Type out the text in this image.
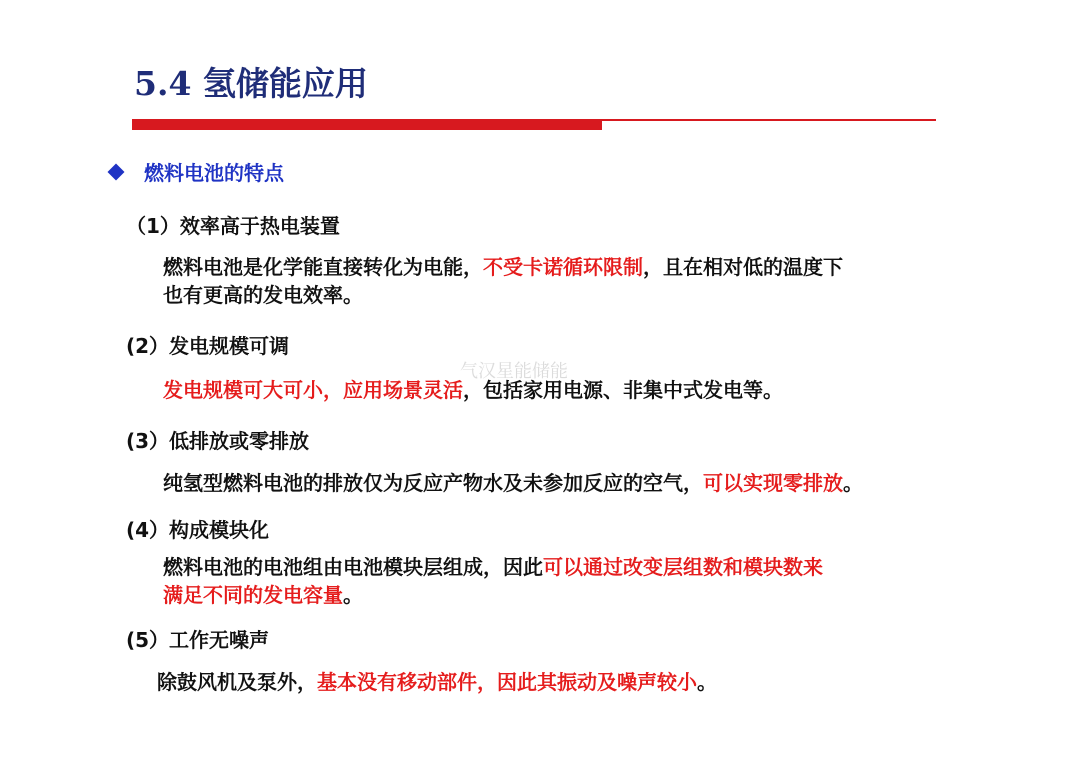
5.4 氢储能应用
燃料电池的特点
（1）效率高于热电装置
燃料电池是化学能直接转化为电能，不受卡诺循环限制，且在相对低的温度下
也有更高的发电效率。
(2）发电规模可调
发电规模可大可小，应用场景灵活，包括家用电源、非集中式发电等。
气汉星能储能
(3）低排放或零排放
纯氢型燃料电池的排放仅为反应产物水及未参加反应的空气，可以实现零排放。
(4）构成模块化
燃料电池的电池组由电池模块层组成，因此可以通过改变层组数和模块数来
满足不同的发电容量。
(5）工作无噪声
除鼓风机及泵外，基本没有移动部件，因此其振动及噪声较小。
